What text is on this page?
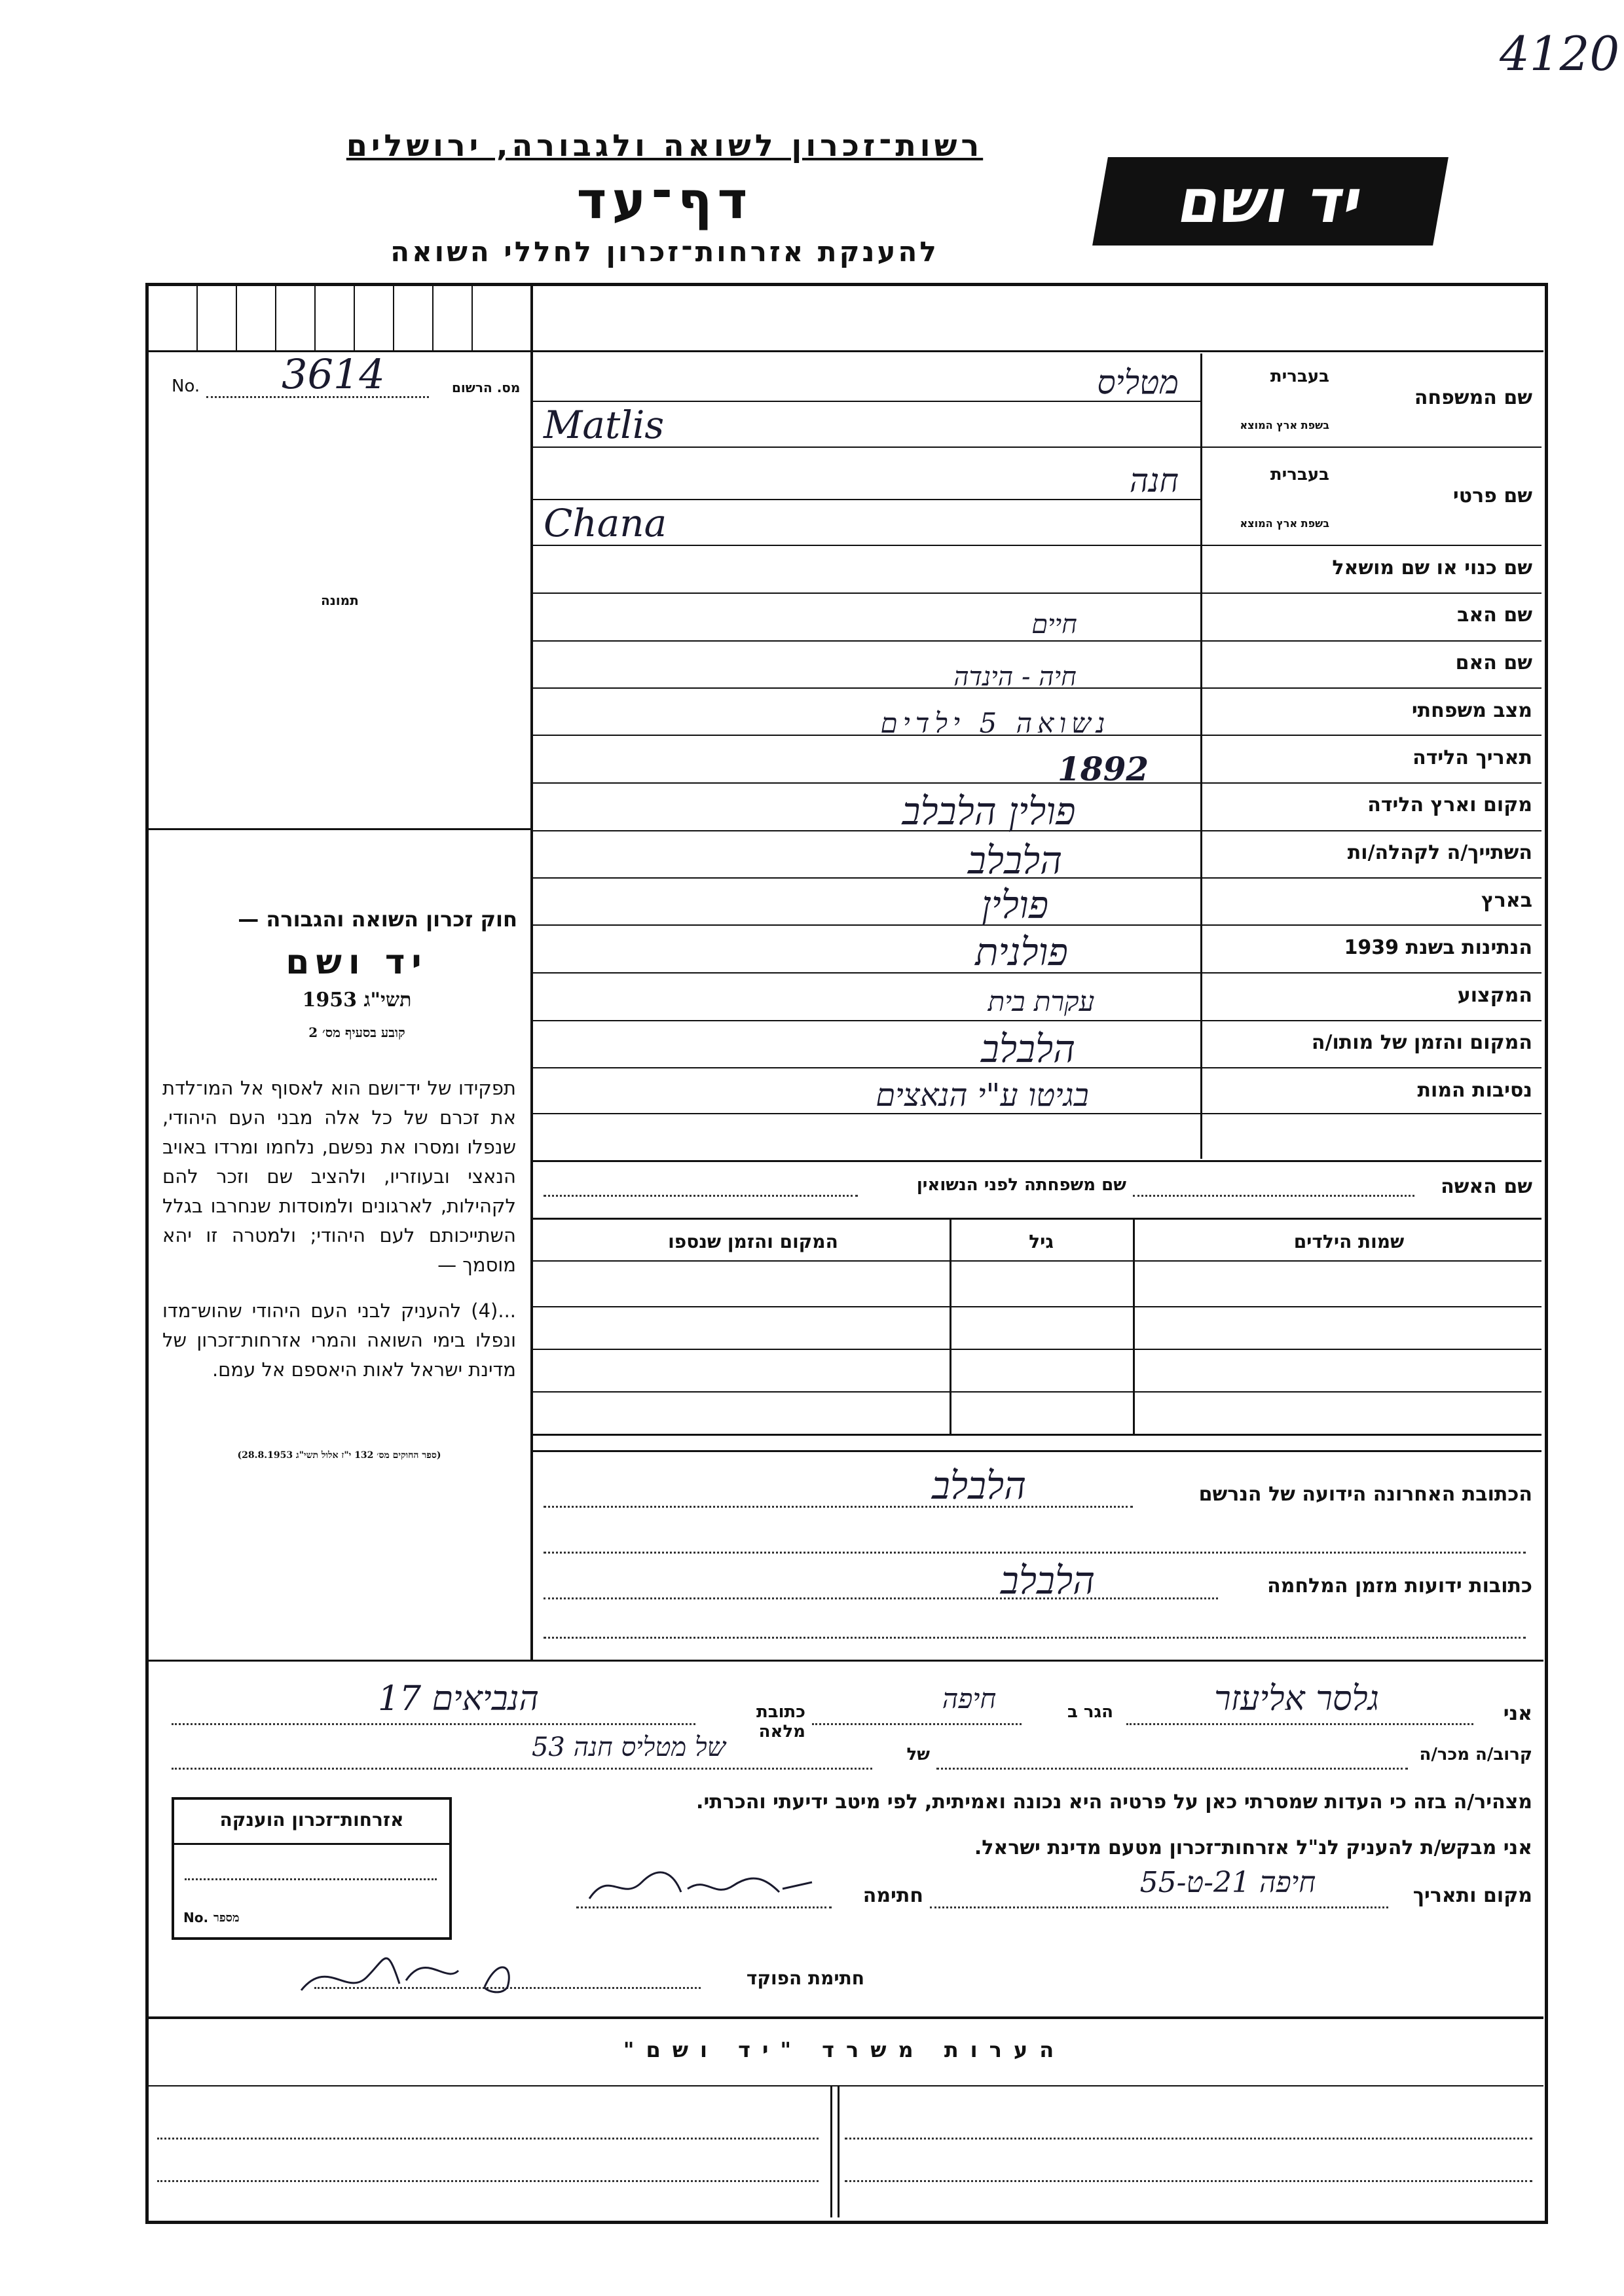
4120
רשות־זכרון לשואה ולגבורה, ירושלים
דף־עד
להענקת אזרחות־זכרון לחללי השואה
יד ושם
No. 3614	מס. הרשום
תמונה
חוק זכרון השואה והגבורה —
יד ושם
תשי"ג 1953
קובע בסעיף מס׳ 2
תפקידו של יד־ושם הוא לאסוף אל המו־לדת את זכרם של כל אלה מבני העם היהודי, שנפלו ומסרו את נפשם, נלחמו ומרדו באויב הנאצי ובעוזריו, ולהציב שם וזכר להם לקהילות, לארגונים ולמוסדות שנחרבו בגלל השתייכותם לעם היהודי; ולמטרה זו יהא מוסמך —
...(4) להעניק לבני העם היהודי שהוש־מדו ונפלו בימי השואה והמרי אזרחות־זכרון של מדינת ישראל לאות היאספם אל עמם.
(ספר החוקים מס׳ 132 י"ז אלול תשי"ג 28.8.1953)
שם המשפחה
בעברית
בשפת ארץ המוצא
מטליס
Matlis
שם פרטי
בעברית
בשפת ארץ המוצא
חנה
Chana
שם כנוי או שם מושאל
שם האב
חיים
שם האם
חיה - הינדה
מצב משפחתי
נשואה 5 ילדים
תאריך הלידה
1892
מקום וארץ הלידה
פולין הלבלב
השתייך/ה לקהלה/ות
הלבלב
בארץ
פולין
הנתינות בשנת 1939
פולנית
המקצוע
עקרת בית
המקום והזמן של מותו/ה
הלבלב
נסיבות המות
בגיטו ע"י הנאצים
שם האשה
שם משפחתה לפני הנשואין
שמות הילדים
גיל
המקום והזמן שנספו
הכתובת האחרונה הידועה של הנרשם
הלבלב
כתובות ידועות מזמן המלחמה
הלבלב
אני
גלסר אליעזר
הגר ב
חיפה
כתובת מלאה
הנביאים 17
קרוב/ה מכר/ה
של
של מטליס חנה 53
מצהיר/ה בזה כי העדות שמסרתי כאן על פרטיה היא נכונה ואמיתית, לפי מיטב ידיעתי והכרתי.
אני מבקש/ת להעניק לנ"ל אזרחות־זכרון מטעם מדינת ישראל.
מקום ותאריך
חיפה 21-ט-55
חתימה
חתימת הפוקד
אזרחות־זכרון הוענקה
No. מספר
הערות משרד "יד ושם"
